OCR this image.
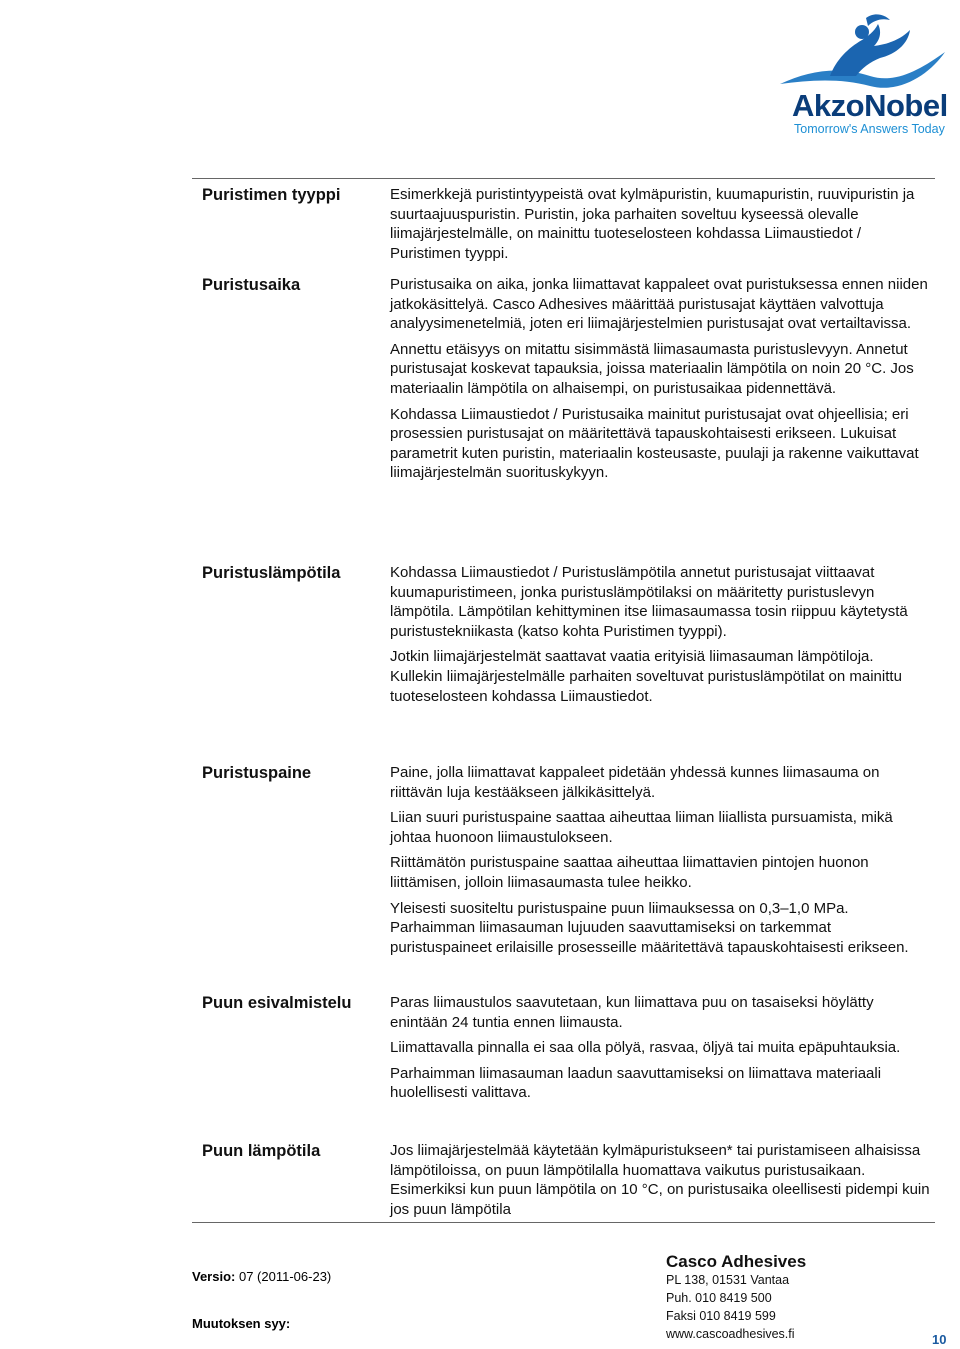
AkzoNobel
Tomorrow's Answers Today
Puristimen tyyppi	Esimerkkejä puristintyypeistä ovat kylmäpuristin, kuumapuristin, ruuvipuristin ja suurtaajuuspuristin. Puristin, joka parhaiten soveltuu kyseessä olevalle liimajärjestelmälle, on mainittu tuoteselosteen kohdassa Liimaustiedot / Puristimen tyyppi.

Puristusaika	Puristusaika on aika, jonka liimattavat kappaleet ovat puristuksessa ennen niiden jatkokäsittelyä. Casco Adhesives määrittää puristusajat käyttäen valvottuja analyysimenetelmiä, joten eri liimajärjestelmien puristusajat ovat vertailtavissa.

Annettu etäisyys on mitattu sisimmästä liimasaumasta puristuslevyyn. Annetut puristusajat koskevat tapauksia, joissa materiaalin lämpötila on noin 20 °C. Jos materiaalin lämpötila on alhaisempi, on puristusaikaa pidennettävä.

Kohdassa Liimaustiedot / Puristusaika mainitut puristusajat ovat ohjeellisia; eri prosessien puristusajat on määritettävä tapauskohtaisesti erikseen. Lukuisat parametrit kuten puristin, materiaalin kosteusaste, puulaji ja rakenne vaikuttavat liimajärjestelmän suorituskykyyn.

Puristuslämpötila	Kohdassa Liimaustiedot / Puristuslämpötila annetut puristusajat viittaavat kuumapuristimeen, jonka puristuslämpötilaksi on määritetty puristuslevyn lämpötila. Lämpötilan kehittyminen itse liimasaumassa tosin riippuu käytetystä puristustekniikasta (katso kohta Puristimen tyyppi).

Jotkin liimajärjestelmät saattavat vaatia erityisiä liimasauman lämpötiloja. Kullekin liimajärjestelmälle parhaiten soveltuvat puristuslämpötilat on mainittu tuoteselosteen kohdassa Liimaustiedot.

Puristuspaine	Paine, jolla liimattavat kappaleet pidetään yhdessä kunnes liimasauma on riittävän luja kestääkseen jälkikäsittelyä.

Liian suuri puristuspaine saattaa aiheuttaa liiman liiallista pursuamista, mikä johtaa huonoon liimaustulokseen.

Riittämätön puristuspaine saattaa aiheuttaa liimattavien pintojen huonon liittämisen, jolloin liimasaumasta tulee heikko.

Yleisesti suositeltu puristuspaine puun liimauksessa on 0,3–1,0 MPa. Parhaimman liimasauman lujuuden saavuttamiseksi on tarkemmat puristuspaineet erilaisille prosesseille määritettävä tapauskohtaisesti erikseen.

Puun esivalmistelu	Paras liimaustulos saavutetaan, kun liimattava puu on tasaiseksi höylätty enintään 24 tuntia ennen liimausta.

Liimattavalla pinnalla ei saa olla pölyä, rasvaa, öljyä tai muita epäpuhtauksia.

Parhaimman liimasauman laadun saavuttamiseksi on liimattava materiaali huolellisesti valittava.

Puun lämpötila	Jos liimajärjestelmää käytetään kylmäpuristukseen* tai puristamiseen alhaisissa lämpötiloissa, on puun lämpötilalla huomattava vaikutus puristusaikaan. Esimerkiksi kun puun lämpötila on 10 °C, on puristusaika oleellisesti pidempi kuin jos puun lämpötila

Versio: 07 (2011-06-23)
Muutoksen syy:
Casco Adhesives
PL 138, 01531 Vantaa
Puh. 010 8419 500
Faksi 010 8419 599
www.cascoadhesives.fi	10
